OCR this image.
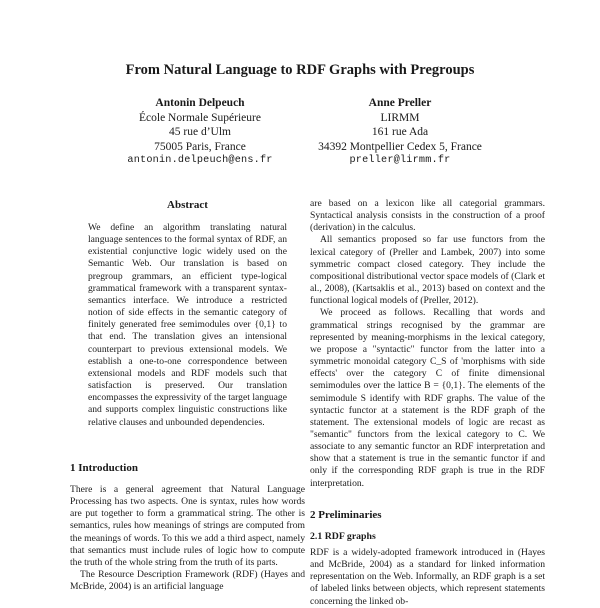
From Natural Language to RDF Graphs with Pregroups
Antonin Delpeuch
École Normale Supérieure
45 rue d’Ulm
75005 Paris, France
antonin.delpeuch@ens.fr
Anne Preller
LIRMM
161 rue Ada
34392 Montpellier Cedex 5, France
preller@lirmm.fr
Abstract

We define an algorithm translating natural language sentences to the formal syntax of RDF, an existential conjunctive logic widely used on the Semantic Web. Our translation is based on pregroup grammars, an efficient type-logical grammatical framework with a transparent syntax-semantics interface. We introduce a restricted notion of side effects in the semantic category of finitely generated free semimodules over {0,1} to that end. The translation gives an intensional counterpart to previous extensional models. We establish a one-to-one correspondence between extensional models and RDF models such that satisfaction is preserved. Our translation encompasses the expressivity of the target language and supports complex linguistic constructions like relative clauses and unbounded dependencies.

1 Introduction

There is a general agreement that Natural Language Processing has two aspects. One is syntax, rules how words are put together to form a grammatical string. The other is semantics, rules how meanings of strings are computed from the meanings of words. To this we add a third aspect, namely that semantics must include rules of logic how to compute the truth of the whole string from the truth of its parts.

The Resource Description Framework (RDF) (Hayes and McBride, 2004) is an artificial language

are based on a lexicon like all categorial grammars. Syntactical analysis consists in the construction of a proof (derivation) in the calculus.

All semantics proposed so far use functors from the lexical category of (Preller and Lambek, 2007) into some symmetric compact closed category. They include the compositional distributional vector space models of (Clark et al., 2008), (Kartsaklis et al., 2013) based on context and the functional logical models of (Preller, 2012).

We proceed as follows. Recalling that words and grammatical strings recognised by the grammar are represented by meaning-morphisms in the lexical category, we propose a "syntactic" functor from the latter into a symmetric monoidal category C_S of 'morphisms with side effects' over the category C of finite dimensional semimodules over the lattice B = {0,1}. The elements of the semimodule S identify with RDF graphs. The value of the syntactic functor at a statement is the RDF graph of the statement. The extensional models of logic are recast as "semantic" functors from the lexical category to C. We associate to any semantic functor an RDF interpretation and show that a statement is true in the semantic functor if and only if the corresponding RDF graph is true in the RDF interpretation.

2 Preliminaries
2.1 RDF graphs

RDF is a widely-adopted framework introduced in (Hayes and McBride, 2004) as a standard for linked information representation on the Web. Informally, an RDF graph is a set of labeled links between objects, which represent statements concerning the linked ob-
